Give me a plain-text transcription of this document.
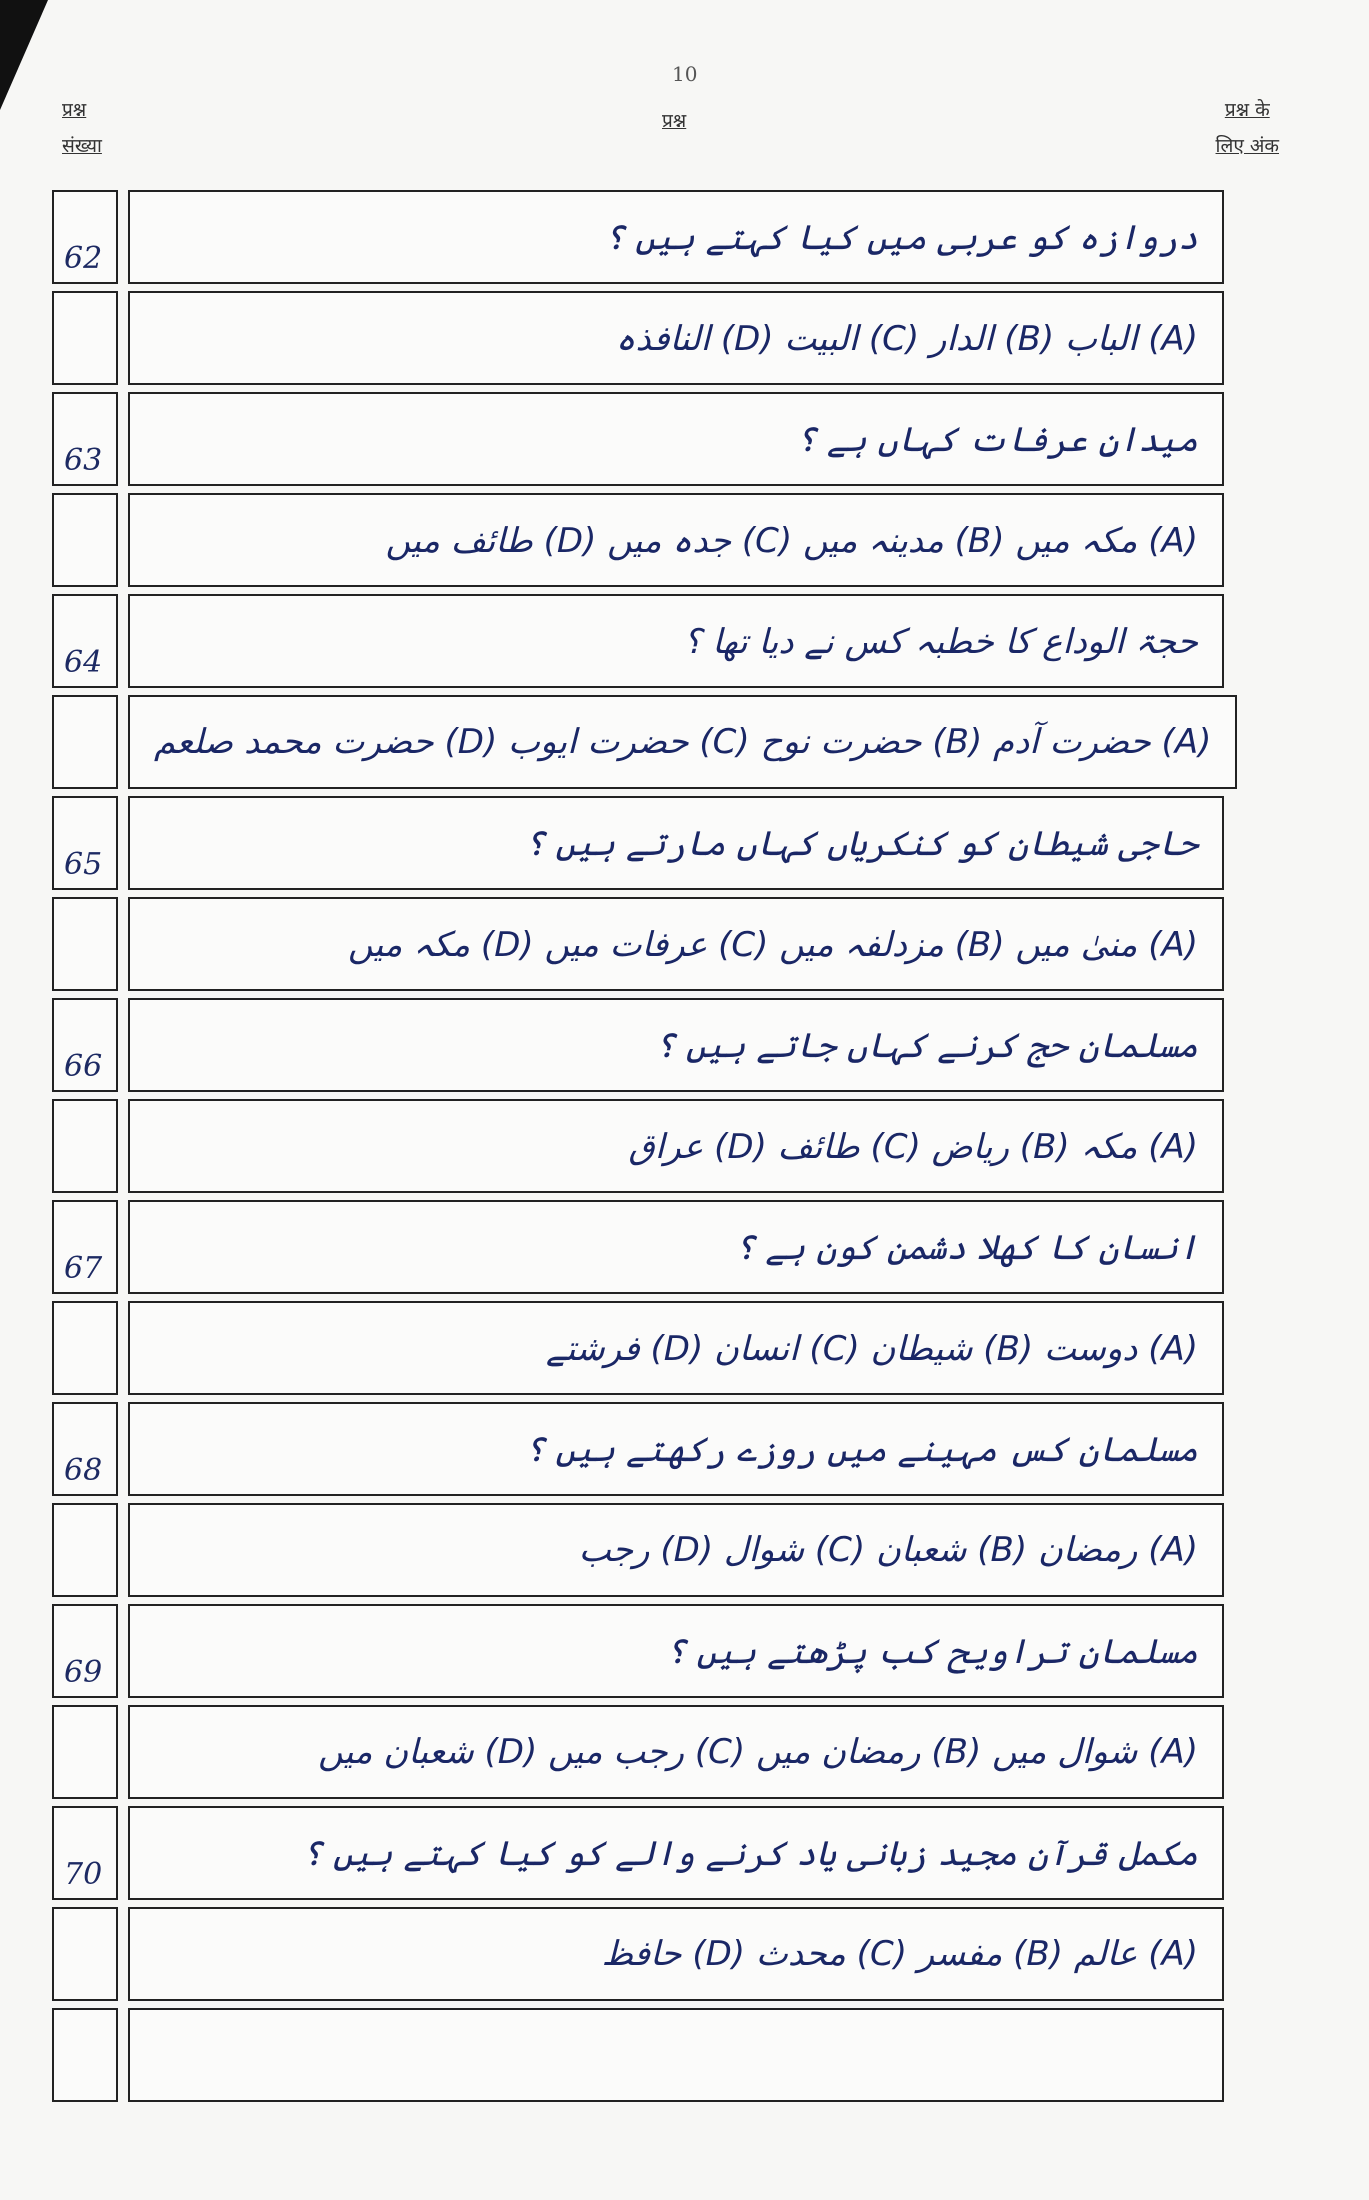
10
प्रश्न
संख्या
प्रश्न	प्रश्न के
लिए अंक
62
دروازہ کو عربی میں کیا کہتے ہیں ؟
(A) الباب (B) الدار (C) البیت (D) النافذہ
63
میدانِ عرفات کہاں ہے ؟
(A) مکہ میں (B) مدینہ میں (C) جدہ میں (D) طائف میں
64
حجۃ الوداع کا خطبہ کس نے دیا تھا ؟
(A) حضرت آدم (B) حضرت نوح (C) حضرت ایوب (D) حضرت محمد صلعم
65
حاجی شیطان کو کنکریاں کہاں مارتے ہیں ؟
(A) منیٰ میں (B) مزدلفہ میں (C) عرفات میں (D) مکہ میں
66
مسلمان حج کرنے کہاں جاتے ہیں ؟
(A) مکہ (B) ریاض (C) طائف (D) عراق
67
انسان کا کھلا دشمن کون ہے ؟
(A) دوست (B) شیطان (C) انسان (D) فرشتے
68
مسلمان کس مہینے میں روزے رکھتے ہیں ؟
(A) رمضان (B) شعبان (C) شوال (D) رجب
69
مسلمان تراویح کب پڑھتے ہیں ؟
(A) شوال میں (B) رمضان میں (C) رجب میں (D) شعبان میں
70
مکمل قرآن مجید زبانی یاد کرنے والے کو کیا کہتے ہیں ؟
(A) عالم (B) مفسر (C) محدث (D) حافظ
